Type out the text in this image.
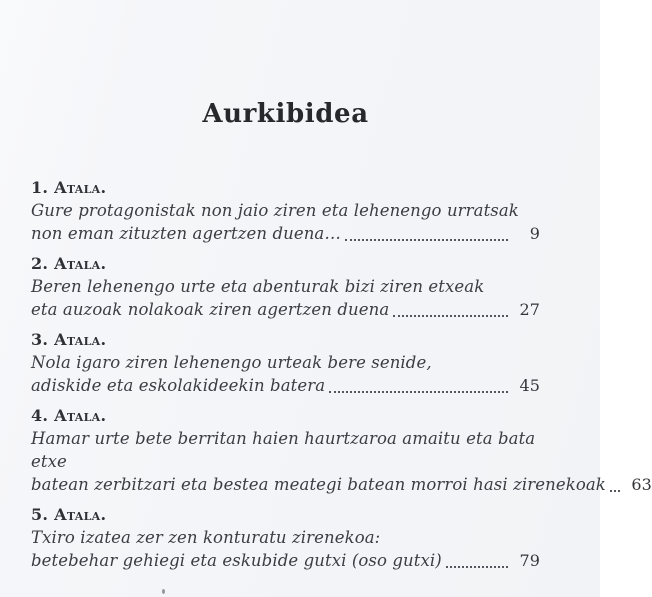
Aurkibidea
1. Atala.
Gure protagonistak non jaio ziren eta lehenengo urratsak
non eman zituzten agertzen duena…	9
2. Atala.
Beren lehenengo urte eta abenturak bizi ziren etxeak
eta auzoak nolakoak ziren agertzen duena	27
3. Atala.
Nola igaro ziren lehenengo urteak bere senide,
adiskide eta eskolakideekin batera	45
4. Atala.
Hamar urte bete berritan haien haurtzaroa amaitu eta bata etxe
batean zerbitzari eta bestea meategi batean morroi hasi zirenekoak	63
5. Atala.
Txiro izatea zer zen konturatu zirenekoa:
betebehar gehiegi eta eskubide gutxi (oso gutxi)	79
